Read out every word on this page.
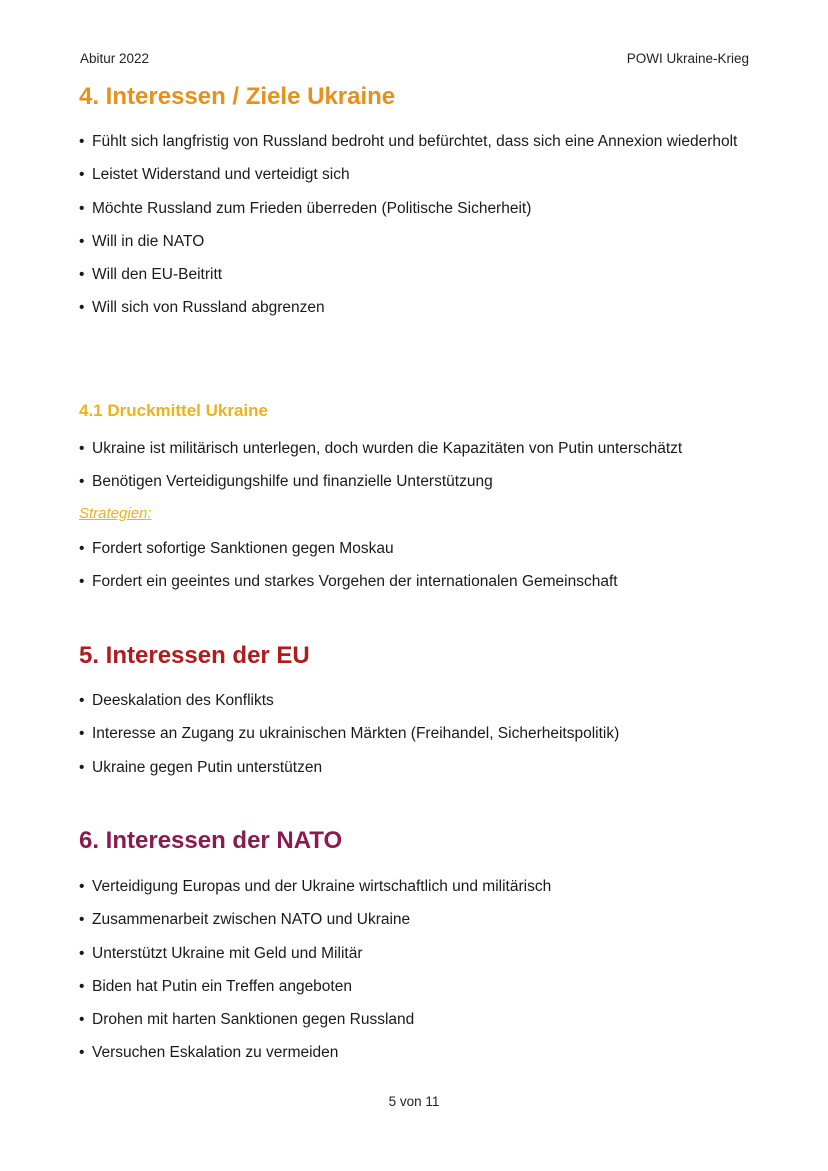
Abitur 2022	POWI Ukraine-Krieg
4. Interessen / Ziele Ukraine
• Fühlt sich langfristig von Russland bedroht und befürchtet, dass sich eine Annexion wiederholt
• Leistet Widerstand und verteidigt sich
• Möchte Russland zum Frieden überreden (Politische Sicherheit)
• Will in die NATO
• Will den EU-Beitritt
• Will sich von Russland abgrenzen
4.1 Druckmittel Ukraine
• Ukraine ist militärisch unterlegen, doch wurden die Kapazitäten von Putin unterschätzt
• Benötigen Verteidigungshilfe und finanzielle Unterstützung
Strategien:
• Fordert sofortige Sanktionen gegen Moskau
• Fordert ein geeintes und starkes Vorgehen der internationalen Gemeinschaft
5. Interessen der EU
• Deeskalation des Konflikts
• Interesse an Zugang zu ukrainischen Märkten (Freihandel, Sicherheitspolitik)
• Ukraine gegen Putin unterstützen
6. Interessen der NATO
• Verteidigung Europas und der Ukraine wirtschaftlich und militärisch
• Zusammenarbeit zwischen NATO und Ukraine
• Unterstützt Ukraine mit Geld und Militär
• Biden hat Putin ein Treffen angeboten
• Drohen mit harten Sanktionen gegen Russland
• Versuchen Eskalation zu vermeiden
5 von 11
